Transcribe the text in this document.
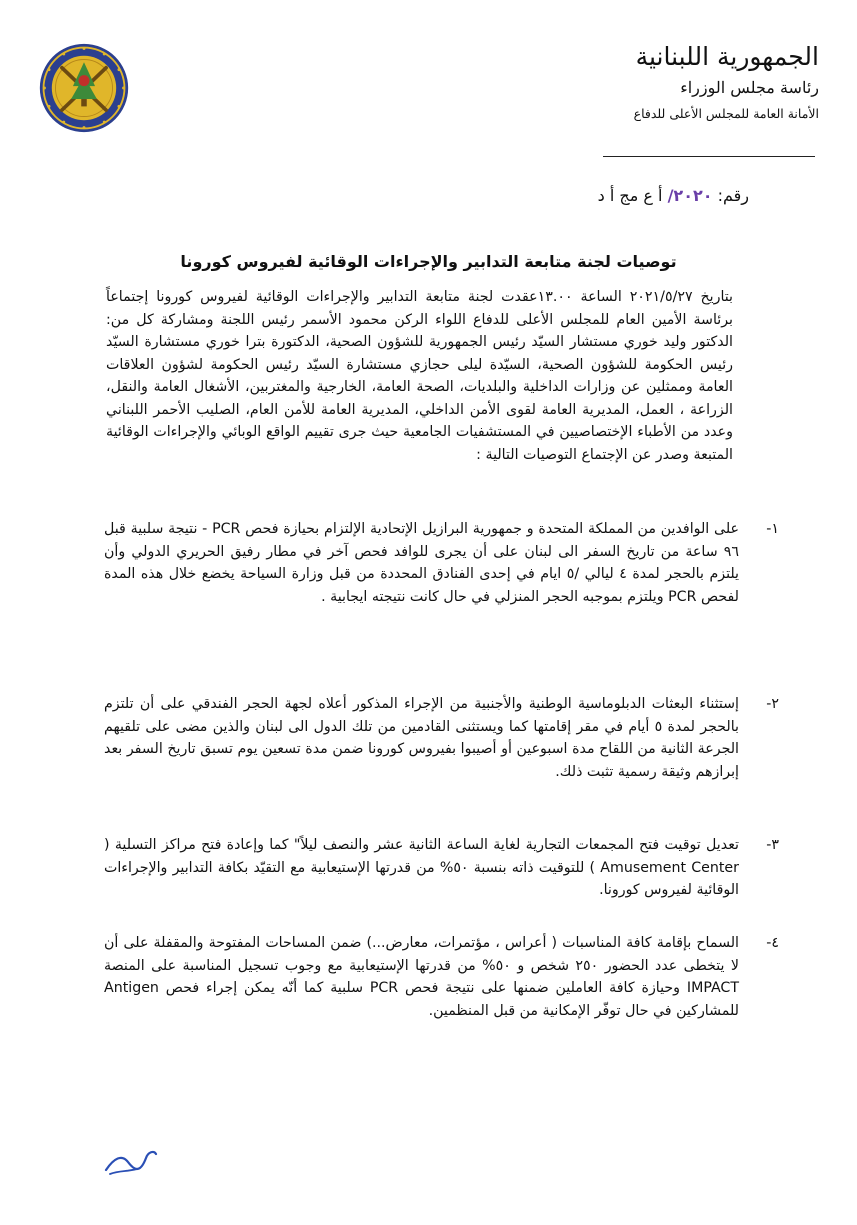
الجمهورية اللبنانية
رئاسة مجلس الوزراء
الأمانة العامة للمجلس الأعلى للدفاع
رقم: ٢٠٢٠/ أ ع مج أ د
توصيات لجنة متابعة التدابير والإجراءات الوقائية لفيروس كورونا

بتاريخ ٢٠٢١/٥/٢٧ الساعة ١٣.٠٠عقدت لجنة متابعة التدابير والإجراءات الوقائية لفيروس كورونا إجتماعاً برئاسة الأمين العام للمجلس الأعلى للدفاع اللواء الركن محمود الأسمر رئيس اللجنة ومشاركة كل من: الدكتور وليد خوري مستشار السيّد رئيس الجمهورية للشؤون الصحية، الدكتورة بترا خوري مستشارة السيّد رئيس الحكومة للشؤون الصحية، السيّدة ليلى حجازي مستشارة السيّد رئيس الحكومة لشؤون العلاقات العامة وممثلين عن وزارات الداخلية والبلديات، الصحة العامة، الخارجية والمغتربين، الأشغال العامة والنقل، الزراعة ، العمل، المديرية العامة لقوى الأمن الداخلي، المديرية العامة للأمن العام، الصليب الأحمر اللبناني وعدد من الأطباء الإختصاصيين في المستشفيات الجامعية حيث جرى تقييم الواقع الوبائي والإجراءات الوقائية المتبعة وصدر عن الإجتماع التوصيات التالية :

١-

على الوافدين من المملكة المتحدة و جمهورية البرازيل الإتحادية الإلتزام بحيازة فحص PCR - نتيجة سلبية قبل ٩٦ ساعة من تاريخ السفر الى لبنان على أن يجرى للوافد فحص آخر في مطار رفيق الحريري الدولي وأن يلتزم بالحجر لمدة ٤ ليالي /٥ ايام في إحدى الفنادق المحددة من قبل وزارة السياحة يخضع خلال هذه المدة لفحص PCR ويلتزم بموجبه الحجر المنزلي في حال كانت نتيجته ايجابية .

٢-

إستثناء البعثات الدبلوماسية الوطنية والأجنبية من الإجراء المذكور أعلاه لجهة الحجر الفندقي على أن تلتزم بالحجر لمدة ٥ أيام في مقر إقامتها كما ويستثنى القادمين من تلك الدول الى لبنان والذين مضى على تلقيهم الجرعة الثانية من اللقاح مدة اسبوعين أو أصيبوا بفيروس كورونا ضمن مدة تسعين يوم تسبق تاريخ السفر بعد إبرازهم وثيقة رسمية تثبت ذلك.

٣-

تعديل توقيت فتح المجمعات التجارية لغاية الساعة الثانية عشر والنصف ليلاً" كما وإعادة فتح مراكز التسلية ( Amusement Center ) للتوقيت ذاته بنسبة ٥٠% من قدرتها الإستيعابية مع التقيّد بكافة التدابير والإجراءات الوقائية لفيروس كورونا.

٤-

السماح بإقامة كافة المناسبات ( أعراس ، مؤتمرات، معارض...) ضمن المساحات المفتوحة والمقفلة على أن لا يتخطى عدد الحضور ٢٥٠ شخص و ٥٠% من قدرتها الإستيعابية مع وجوب تسجيل المناسبة على المنصة IMPACT وحيازة كافة العاملين ضمنها على نتيجة فحص PCR سلبية كما أنّه يمكن إجراء فحص Antigen للمشاركين في حال توفّر الإمكانية من قبل المنظمين.
